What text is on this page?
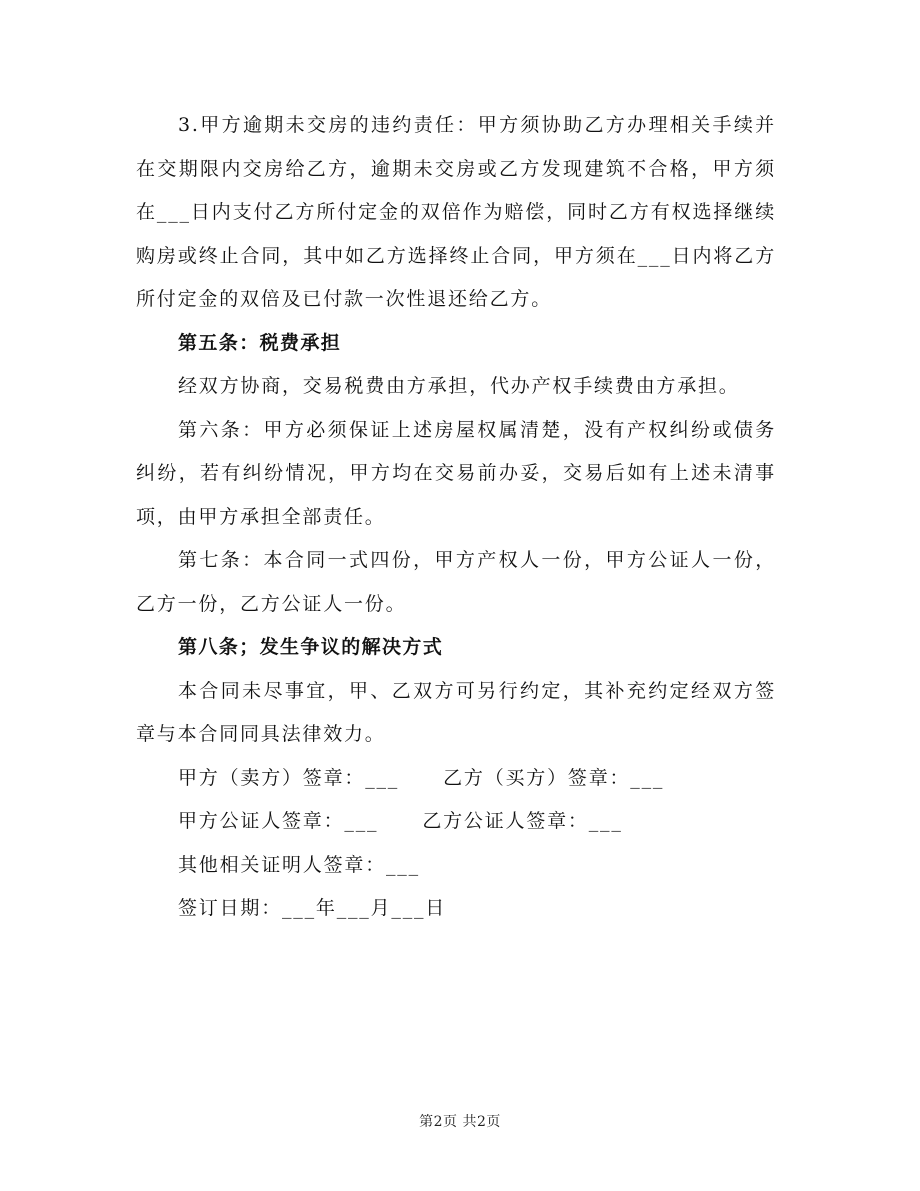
3.甲方逾期未交房的违约责任：甲方须协助乙方办理相关手续并在交期限内交房给乙方，逾期未交房或乙方发现建筑不合格，甲方须在___日内支付乙方所付定金的双倍作为赔偿，同时乙方有权选择继续购房或终止合同，其中如乙方选择终止合同，甲方须在___日内将乙方所付定金的双倍及已付款一次性退还给乙方。

第五条：税费承担

经双方协商，交易税费由方承担，代办产权手续费由方承担。

第六条：甲方必须保证上述房屋权属清楚，没有产权纠纷或债务纠纷，若有纠纷情况，甲方均在交易前办妥，交易后如有上述未清事项，由甲方承担全部责任。

第七条：本合同一式四份，甲方产权人一份，甲方公证人一份，乙方一份，乙方公证人一份。

第八条；发生争议的解决方式

本合同未尽事宜，甲、乙双方可另行约定，其补充约定经双方签章与本合同同具法律效力。

甲方（卖方）签章：___ 乙方（买方）签章：___

甲方公证人签章：___ 乙方公证人签章：___

其他相关证明人签章：___

签订日期：___年___月___日

第2页 共2页
